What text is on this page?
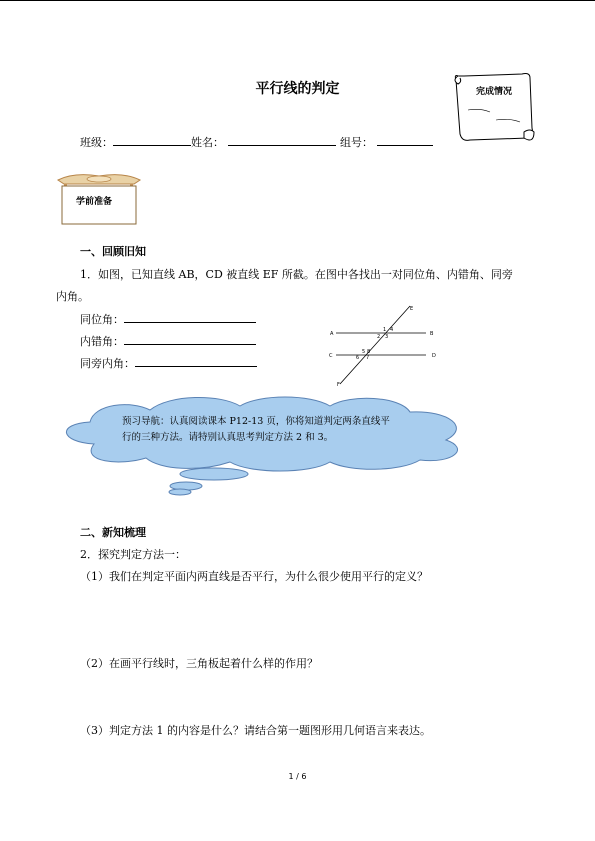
平行线的判定	完成情况
班级：	姓名：	组号：
学前准备
一、回顾旧知
1．如图，已知直线 AB，CD 被直线 EF 所截。在图中各找出一对同位角、内错角、同旁
内角。
同位角：
内错角：
同旁内角：
A	B
C	D
E
F
1
2 3
4
5
6 7
8
预习导航：认真阅读课本 P12-13 页，你将知道判定两条直线平
行的三种方法。请特别认真思考判定方法 2 和 3。
二、新知梳理
2．探究判定方法一：
（1）我们在判定平面内两直线是否平行，为什么很少使用平行的定义？
（2）在画平行线时，三角板起着什么样的作用？
（3）判定方法 1 的内容是什么？请结合第一题图形用几何语言来表达。
1 / 6
